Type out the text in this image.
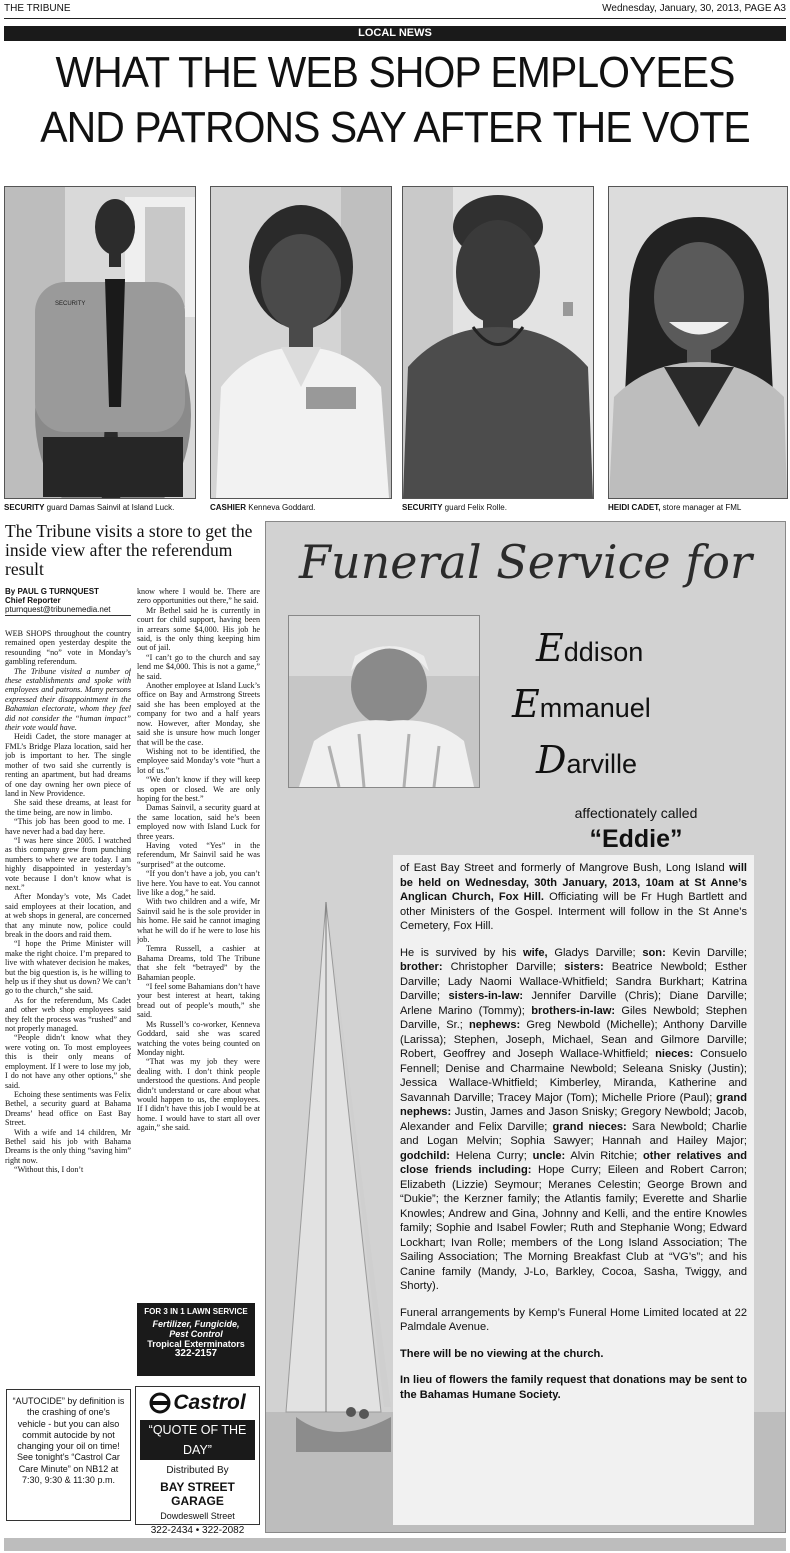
THE TRIBUNE	Wednesday, January, 30, 2013, PAGE A3
LOCAL NEWS
WHAT THE WEB SHOP EMPLOYEES
AND PATRONS SAY AFTER THE VOTE
SECURITY
SECURITY guard Damas Sainvil at Island Luck.	CASHIER Kenneva Goddard.	SECURITY guard Felix Rolle.	HEIDI CADET, store manager at FML
The Tribune visits a store to get the inside view after the referendum result
By PAUL G TURNQUEST
Chief Reporter
pturnquest@tribunemedia.net

WEB SHOPS throughout the country remained open yesterday despite the resounding “no” vote in Monday’s gambling referendum.

The Tribune visited a number of these establishments and spoke with employees and patrons. Many persons expressed their disappointment in the Bahamian electorate, whom they feel did not consider the “human impact” their vote would have.

Heidi Cadet, the store manager at FML’s Bridge Plaza location, said her job is important to her. The single mother of two said she currently is renting an apartment, but had dreams of one day owning her own piece of land in New Providence.

She said these dreams, at least for the time being, are now in limbo.

“This job has been good to me. I have never had a bad day here.

“I was here since 2005. I watched as this company grew from punching numbers to where we are today. I am highly disappointed in yesterday’s vote because I don’t know what is next.”

After Monday’s vote, Ms Cadet said employees at their location, and at web shops in general, are concerned that any minute now, police could break in the doors and raid them.

“I hope the Prime Minister will make the right choice. I’m prepared to live with whatever decision he makes, but the big question is, is he willing to help us if they shut us down? We can’t go to the church,” she said.

As for the referendum, Ms Cadet and other web shop employees said they felt the process was “rushed” and not properly managed.

“People didn’t know what they were voting on. To most employees this is their only means of employment. If I were to lose my job, I do not have any other options,” she said.

Echoing these sentiments was Felix Bethel, a security guard at Bahama Dreams’ head office on East Bay Street.

With a wife and 14 children, Mr Bethel said his job with Bahama Dreams is the only thing “saving him” right now.

“Without this, I don’t

know where I would be. There are zero opportunities out there,” he said.

Mr Bethel said he is currently in court for child support, having been in arrears some $4,000. His job he said, is the only thing keeping him out of jail.

“I can’t go to the church and say lend me $4,000. This is not a game,” he said.

Another employee at Island Luck’s office on Bay and Armstrong Streets said she has been employed at the company for two and a half years now. However, after Monday, she said she is unsure how much longer that will be the case.

Wishing not to be identified, the employee said Monday’s vote “hurt a lot of us.”

“We don’t know if they will keep us open or closed. We are only hoping for the best.”

Damas Sainvil, a security guard at the same location, said he’s been employed now with Island Luck for three years.

Having voted “Yes” in the referendum, Mr Sainvil said he was “surprised” at the outcome.

“If you don’t have a job, you can’t live here. You have to eat. You cannot live like a dog,” he said.

With two children and a wife, Mr Sainvil said he is the sole provider in his home. He said he cannot imaging what he will do if he were to lose his job.

Temra Russell, a cashier at Bahama Dreams, told The Tribune that she felt “betrayed” by the Bahamian people.

“I feel some Bahamians don’t have your best interest at heart, taking bread out of people’s mouth,” she said.

Ms Russell’s co-worker, Kenneva Goddard, said she was scared watching the votes being counted on Monday night.

“That was my job they were dealing with. I don’t think people understood the questions. And people didn’t understand or care about what would happen to us, the employees. If I didn’t have this job I would be at home. I would have to start all over again,” she said.

FOR 3 IN 1 LAWN SERVICE
Fertilizer, Fungicide,
Pest Control
Tropical Exterminators
322-2157
“AUTOCIDE” by definition is
the crashing of one’s
vehicle - but you can also
commit autocide by not
changing your oil on time!
See tonight’s “Castrol Car
Care Minute” on NB12 at
7:30, 9:30 & 11:30 p.m.
Castrol
“QUOTE OF THE DAY”
Distributed By
BAY STREET GARAGE
Dowdeswell Street
322-2434 • 322-2082
Funeral Service for
Eddison
Emmanuel
Darville
affectionately called
“Eddie”

of East Bay Street and formerly of Mangrove Bush, Long Island will be held on Wednesday, 30th January, 2013, 10am at St Anne’s Anglican Church, Fox Hill. Officiating will be Fr Hugh Bartlett and other Ministers of the Gospel. Interment will follow in the St Anne’s Cemetery, Fox Hill.

He is survived by his wife, Gladys Darville; son: Kevin Darville; brother: Christopher Darville; sisters: Beatrice Newbold; Esther Darville; Lady Naomi Wallace-Whitfield; Sandra Burkhart; Katrina Darville; sisters-in-law: Jennifer Darville (Chris); Diane Darville; Arlene Marino (Tommy); brothers-in-law: Giles Newbold; Stephen Darville, Sr.; nephews: Greg Newbold (Michelle); Anthony Darville (Larissa); Stephen, Joseph, Michael, Sean and Gilmore Darville; Robert, Geoffrey and Joseph Wallace-Whitfield; nieces: Consuelo Fennell; Denise and Charmaine Newbold; Seleana Snisky (Justin); Jessica Wallace-Whitfield; Kimberley, Miranda, Katherine and Savannah Darville; Tracey Major (Tom); Michelle Priore (Paul); grand nephews: Justin, James and Jason Snisky; Gregory Newbold; Jacob, Alexander and Felix Darville; grand nieces: Sara Newbold; Charlie and Logan Melvin; Sophia Sawyer; Hannah and Hailey Major; godchild: Helena Curry; uncle: Alvin Ritchie; other relatives and close friends including: Hope Curry; Eileen and Robert Carron; Elizabeth (Lizzie) Seymour; Meranes Celestin; George Brown and “Dukie”; the Kerzner family; the Atlantis family; Everette and Sharlie Knowles; Andrew and Gina, Johnny and Kelli, and the entire Knowles family; Sophie and Isabel Fowler; Ruth and Stephanie Wong; Edward Lockhart; Ivan Rolle; members of the Long Island Association; The Sailing Association; The Morning Breakfast Club at “VG’s”; and his Canine family (Mandy, J-Lo, Barkley, Cocoa, Sasha, Twiggy, and Shorty).

Funeral arrangements by Kemp’s Funeral Home Limited located at 22 Palmdale Avenue.

There will be no viewing at the church.

In lieu of flowers the family request that donations may be sent to the Bahamas Humane Society.
